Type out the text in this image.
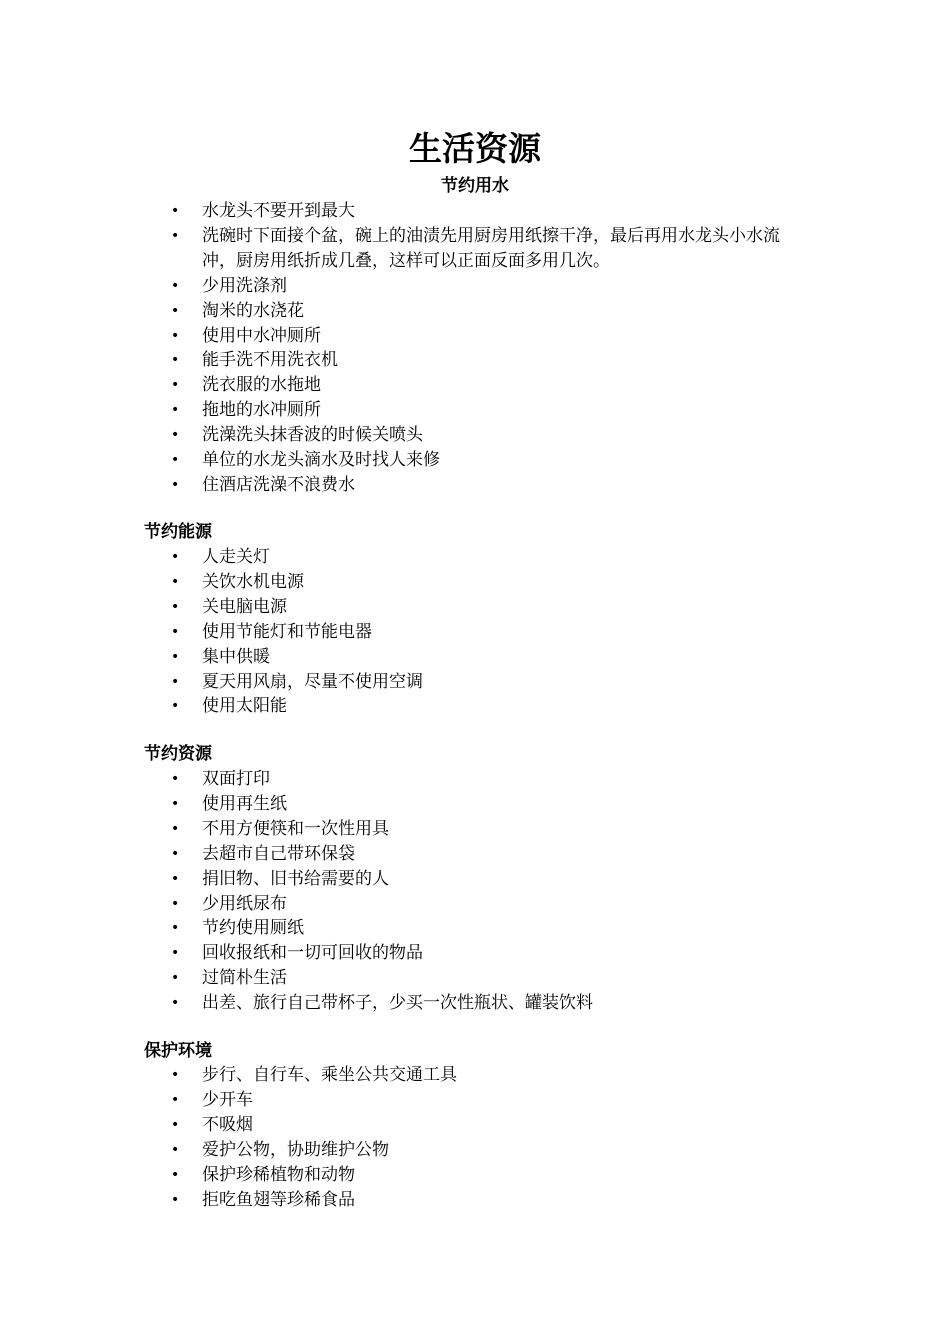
生活资源
节约用水
• 水龙头不要开到最大
• 洗碗时下面接个盆，碗上的油渍先用厨房用纸擦干净，最后再用水龙头小水流冲，厨房用纸折成几叠，这样可以正面反面多用几次。
• 少用洗涤剂
• 淘米的水浇花
• 使用中水冲厕所
• 能手洗不用洗衣机
• 洗衣服的水拖地
• 拖地的水冲厕所
• 洗澡洗头抹香波的时候关喷头
• 单位的水龙头滴水及时找人来修
• 住酒店洗澡不浪费水
节约能源
• 人走关灯
• 关饮水机电源
• 关电脑电源
• 使用节能灯和节能电器
• 集中供暖
• 夏天用风扇，尽量不使用空调
• 使用太阳能
节约资源
• 双面打印
• 使用再生纸
• 不用方便筷和一次性用具
• 去超市自己带环保袋
• 捐旧物、旧书给需要的人
• 少用纸尿布
• 节约使用厕纸
• 回收报纸和一切可回收的物品
• 过简朴生活
• 出差、旅行自己带杯子，少买一次性瓶状、罐装饮料
保护环境
• 步行、自行车、乘坐公共交通工具
• 少开车
• 不吸烟
• 爱护公物，协助维护公物
• 保护珍稀植物和动物
• 拒吃鱼翅等珍稀食品
